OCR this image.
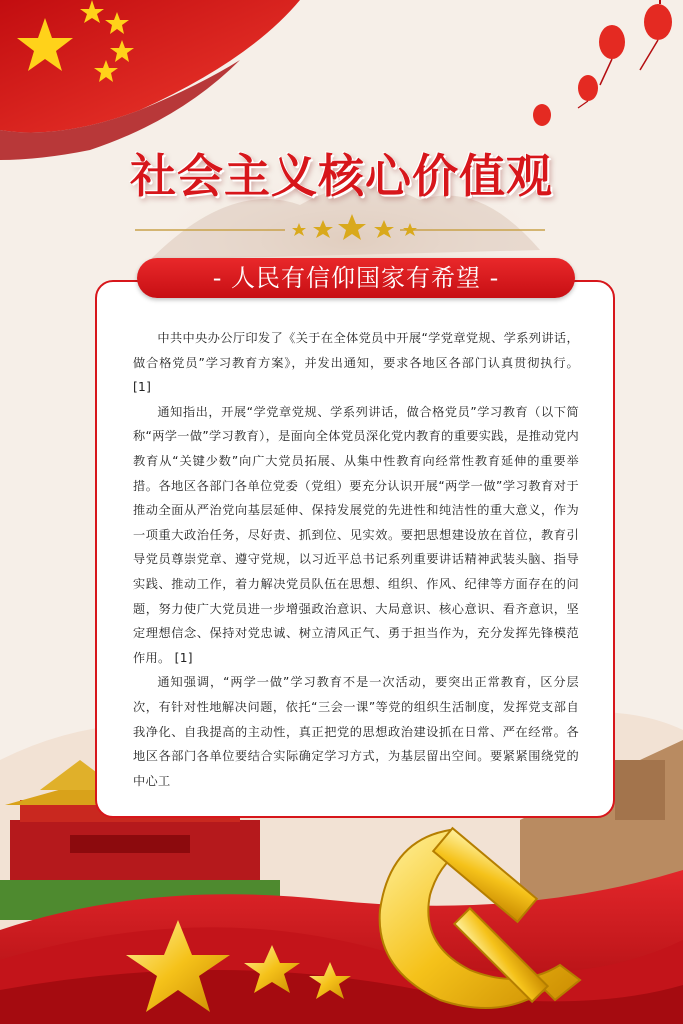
社会主义核心价值观
- 人民有信仰国家有希望 -

中共中央办公厅印发了《关于在全体党员中开展“学党章党规、学系列讲话，做合格党员”学习教育方案》，并发出通知，要求各地区各部门认真贯彻执行。 [1]

通知指出，开展“学党章党规、学系列讲话，做合格党员”学习教育（以下简称“两学一做”学习教育），是面向全体党员深化党内教育的重要实践，是推动党内教育从“关键少数”向广大党员拓展、从集中性教育向经常性教育延伸的重要举措。各地区各部门各单位党委（党组）要充分认识开展“两学一做”学习教育对于推动全面从严治党向基层延伸、保持发展党的先进性和纯洁性的重大意义，作为一项重大政治任务，尽好责、抓到位、见实效。要把思想建设放在首位，教育引导党员尊崇党章、遵守党规，以习近平总书记系列重要讲话精神武装头脑、指导实践、推动工作，着力解决党员队伍在思想、组织、作风、纪律等方面存在的问题，努力使广大党员进一步增强政治意识、大局意识、核心意识、看齐意识，坚定理想信念、保持对党忠诚、树立清风正气、勇于担当作为，充分发挥先锋模范作用。 [1]

通知强调，“两学一做”学习教育不是一次活动，要突出正常教育，区分层次，有针对性地解决问题，依托“三会一课”等党的组织生活制度，发挥党支部自我净化、自我提高的主动性，真正把党的思想政治建设抓在日常、严在经常。各地区各部门各单位要结合实际确定学习方式，为基层留出空间。要紧紧围绕党的中心工
